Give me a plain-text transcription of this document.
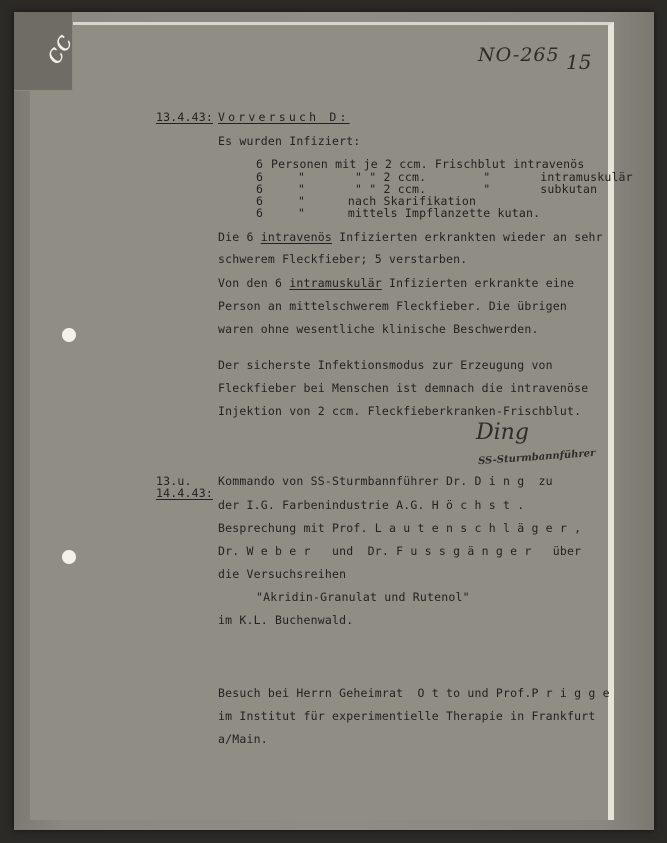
cc	NO-265 15
13.4.43: Vorversuch D:
Es wurden Infiziert:
6 Personen mit je 2 ccm. Frischblut intravenös
6	"       " " 2 ccm.        "       intramuskulär
6	"       " " 2 ccm.        "       subkutan
6	"      nach Skarifikation
6	"      mittels Impflanzette kutan.
Die 6 intravenös Infizierten erkrankten wieder an sehr
schwerem Fleckfieber; 5 verstarben.
Von den 6 intramuskulär Infizierten erkrankte eine
Person an mittelschwerem Fleckfieber. Die übrigen
waren ohne wesentliche klinische Beschwerden.
Der sicherste Infektionsmodus zur Erzeugung von
Fleckfieber bei Menschen ist demnach die intravenöse
Injektion von 2 ccm. Fleckfieberkranken-Frischblut.
Ding
SS-Sturmbannführer
13.u.
14.4.43:
Kommando von SS-Sturmbannführer Dr. D i n g  zu
der I.G. Farbenindustrie A.G. H ö c h s t .
Besprechung mit Prof. L a u t e n s c h l ä g e r ,
Dr. W e b e r   und  Dr. F u s s g ä n g e r   über
die Versuchsreihen
"Akridin-Granulat und Rutenol"
im K.L. Buchenwald.
Besuch bei Herrn Geheimrat  O t to und Prof.P r i g g e
im Institut für experimentielle Therapie in Frankfurt
a/Main.
